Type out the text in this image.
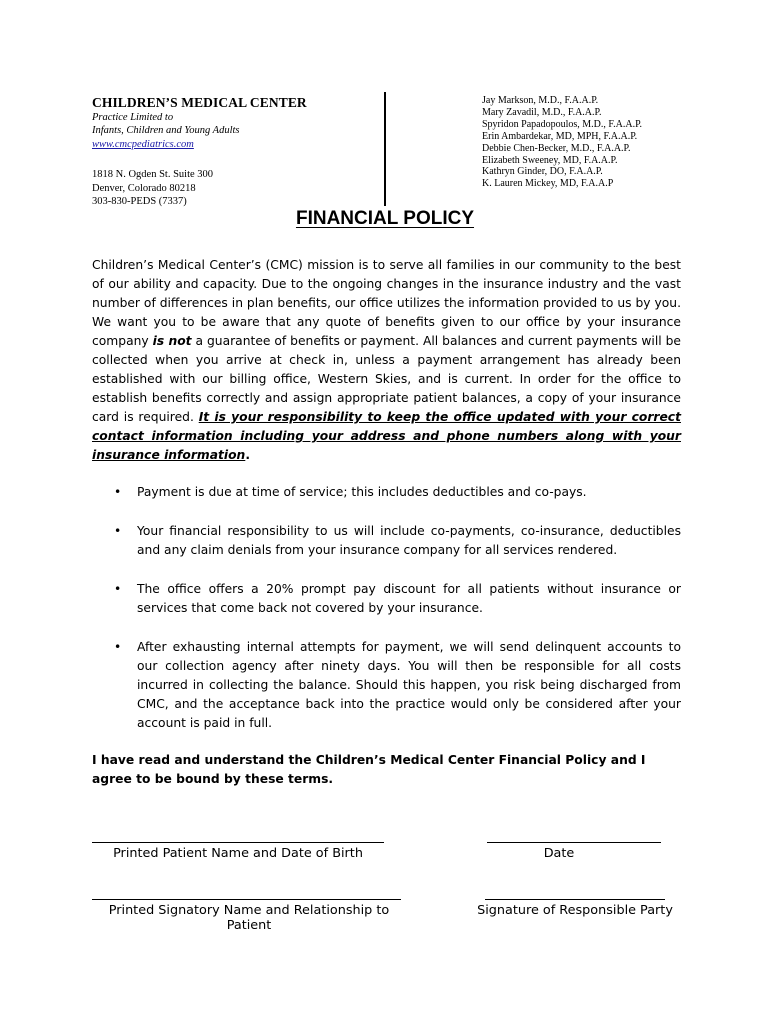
CHILDREN’S MEDICAL CENTER
Practice Limited to
Infants, Children and Young Adults
www.cmcpediatrics.com
1818 N. Ogden St. Suite 300
Denver, Colorado 80218
303-830-PEDS (7337)
Jay Markson, M.D., F.A.A.P.
Mary Zavadil, M.D., F.A.A.P.
Spyridon Papadopoulos, M.D., F.A.A.P.
Erin Ambardekar, MD, MPH, F.A.A.P.
Debbie Chen-Becker, M.D., F.A.A.P.
Elizabeth Sweeney, MD, F.A.A.P.
Kathryn Ginder, DO, F.A.A.P.
K. Lauren Mickey, MD, F.A.A.P
FINANCIAL POLICY
Children’s Medical Center’s (CMC) mission is to serve all families in our community to the best of our ability and capacity. Due to the ongoing changes in the insurance industry and the vast number of differences in plan benefits, our office utilizes the information provided to us by you. We want you to be aware that any quote of benefits given to our office by your insurance company is not a guarantee of benefits or payment. All balances and current payments will be collected when you arrive at check in, unless a payment arrangement has already been established with our billing office, Western Skies, and is current. In order for the office to establish benefits correctly and assign appropriate patient balances, a copy of your insurance card is required. It is your responsibility to keep the office updated with your correct contact information including your address and phone numbers along with your insurance information.
• Payment is due at time of service; this includes deductibles and co-pays.
• Your financial responsibility to us will include co-payments, co-insurance, deductibles and any claim denials from your insurance company for all services rendered.
• The office offers a 20% prompt pay discount for all patients without insurance or services that come back not covered by your insurance.
• After exhausting internal attempts for payment, we will send delinquent accounts to our collection agency after ninety days. You will then be responsible for all costs incurred in collecting the balance. Should this happen, you risk being discharged from CMC, and the acceptance back into the practice would only be considered after your account is paid in full.
I have read and understand the Children’s Medical Center Financial Policy and I agree to be bound by these terms.
Printed Patient Name and Date of Birth	Date
Printed Signatory Name and Relationship to Patient
Signature of Responsible Party
